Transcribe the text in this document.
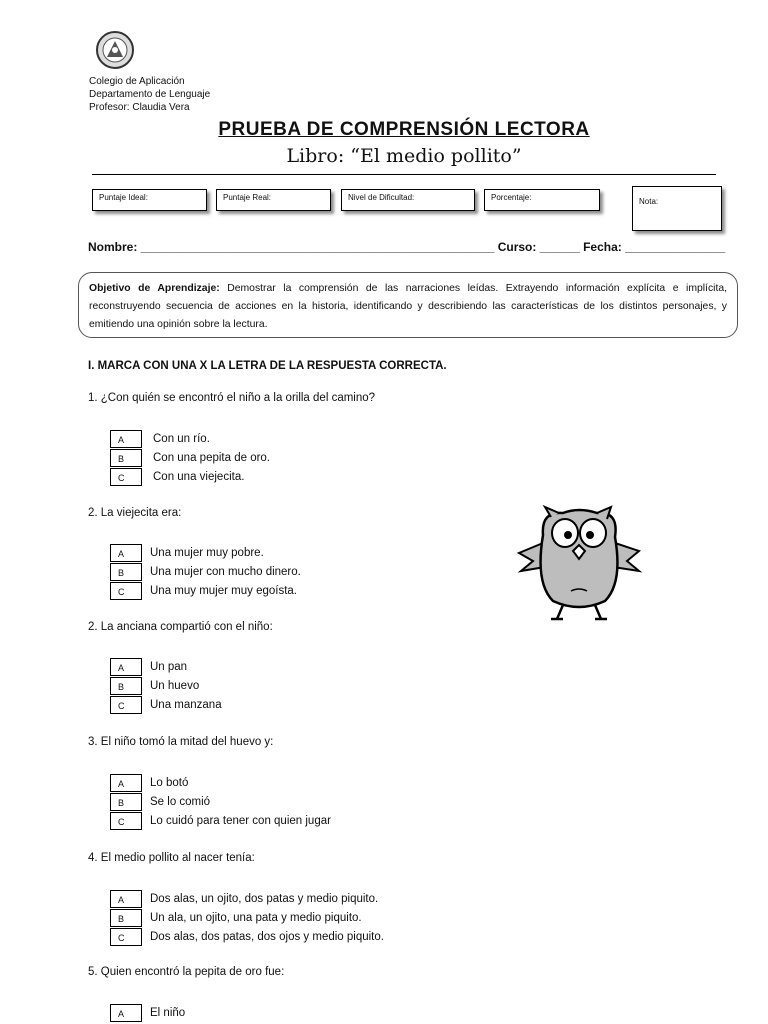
Colegio de Aplicación
Departamento de Lenguaje
Profesor: Claudia Vera
PRUEBA DE COMPRENSIÓN LECTORA
Libro: “El medio pollito”
Puntaje Ideal:	Puntaje Real:	Nivel de Dificultad:	Porcentaje:	Nota:
Nombre: _____________________________________________________ Curso: ______ Fecha: _______________
Objetivo de Aprendizaje: Demostrar la comprensión de las narraciones leídas. Extrayendo información explícita e implícita, reconstruyendo secuencia de acciones en la historia, identificando y describiendo las características de los distintos personajes, y emitiendo una opinión sobre la lectura.
I. MARCA CON UNA X LA LETRA DE LA RESPUESTA CORRECTA.
1. ¿Con quién se encontró el niño a la orilla del camino?
A	Con un río.
B	Con una pepita de oro.
C	Con una viejecita.
2. La viejecita era:
A	Una mujer muy pobre.
B	Una mujer con mucho dinero.
C	Una muy mujer muy egoísta.
2. La anciana compartió con el niño:
A	Un pan
B	Un huevo
C	Una manzana
3. El niño tomó la mitad del huevo y:
A	Lo botó
B	Se lo comió
C	Lo cuidó para tener con quien jugar
4. El medio pollito al nacer tenía:
A	Dos alas, un ojito, dos patas y medio piquito.
B	Un ala, un ojito, una pata y medio piquito.
C	Dos alas, dos patas, dos ojos y medio piquito.
5. Quien encontró la pepita de oro fue:
A	El niño
